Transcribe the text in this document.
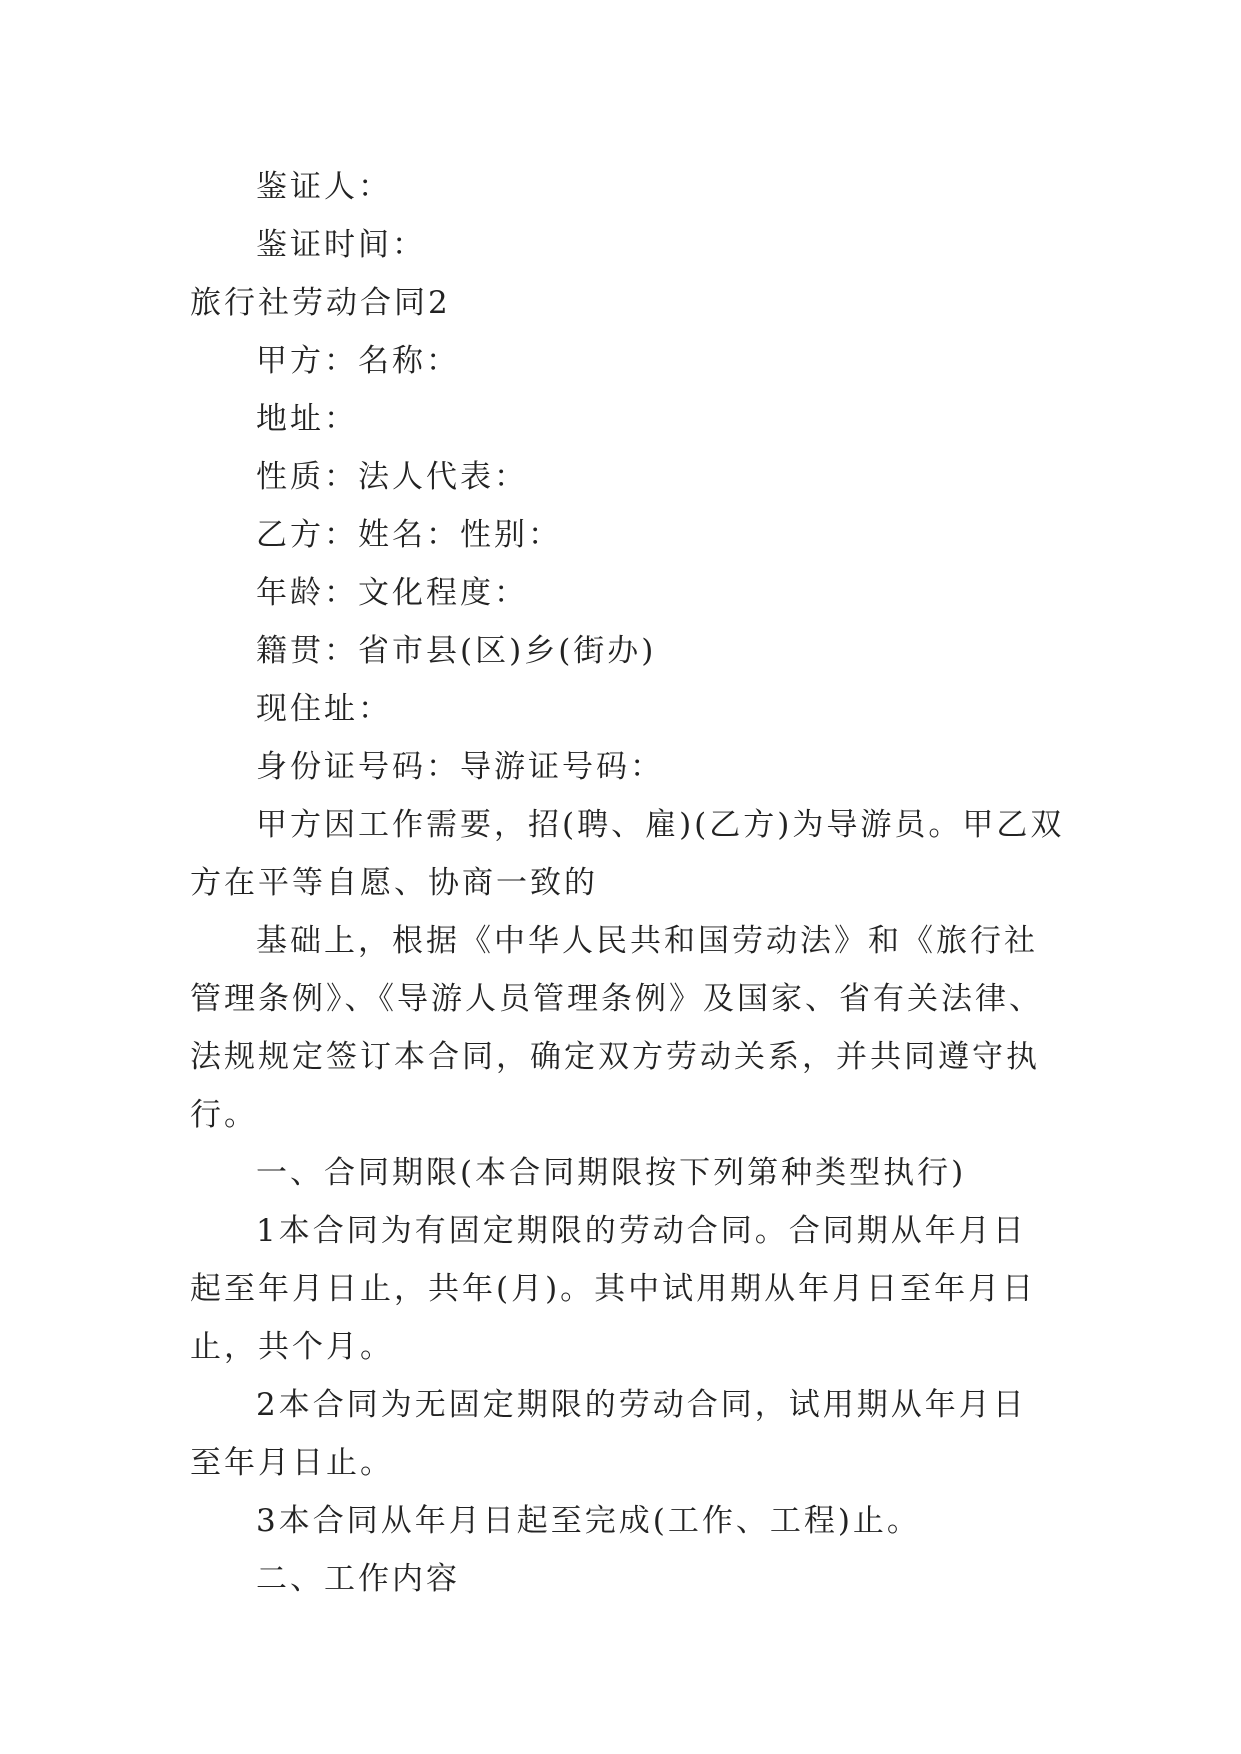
鉴证人：

鉴证时间：

旅行社劳动合同2

甲方：名称：

地址：

性质：法人代表：

乙方：姓名：性别：

年龄：文化程度：

籍贯：省市县(区)乡(街办)

现住址：

身份证号码：导游证号码：

甲方因工作需要，招(聘、雇)(乙方)为导游员。甲乙双

方在平等自愿、协商一致的

基础上，根据《中华人民共和国劳动法》和《旅行社管理条例》、《导游人员管理条例》及国家、省有关法律、法规规定签订本合同，确定双方劳动关系，并共同遵守执行。

一、合同期限(本合同期限按下列第种类型执行)

1本合同为有固定期限的劳动合同。合同期从年月日起至年月日止，共年(月)。其中试用期从年月日至年月日止，共个月。

2本合同为无固定期限的劳动合同，试用期从年月日至年月日止。

3本合同从年月日起至完成(工作、工程)止。

二、工作内容
